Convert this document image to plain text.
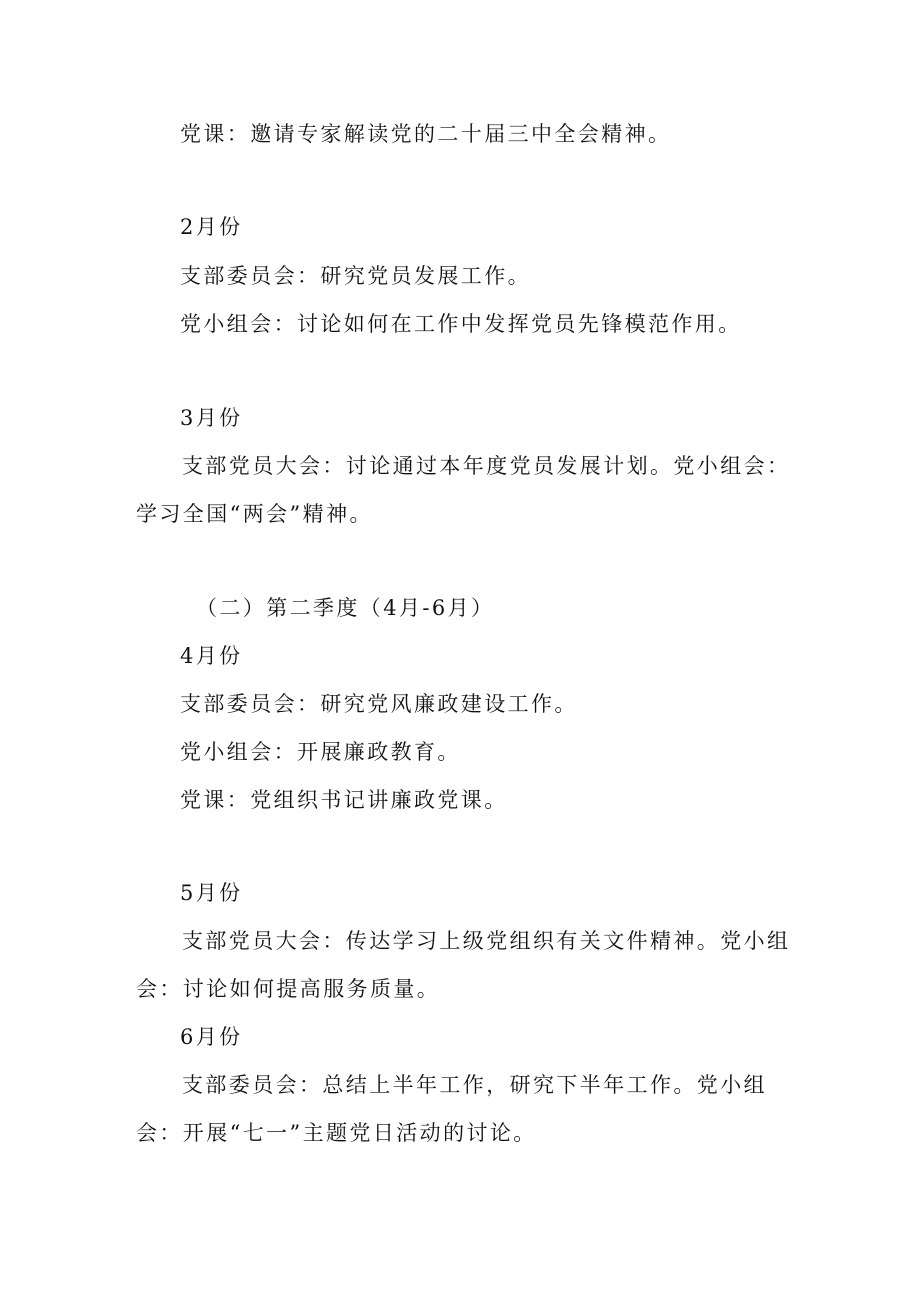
党课：邀请专家解读党的二十届三中全会精神。
2月份
支部委员会：研究党员发展工作。
党小组会：讨论如何在工作中发挥党员先锋模范作用。
3月份
支部党员大会：讨论通过本年度党员发展计划。党小组会：
学习全国“两会”精神。
（二）第二季度（4月-6月）
4月份
支部委员会：研究党风廉政建设工作。
党小组会：开展廉政教育。
党课：党组织书记讲廉政党课。
5月份
支部党员大会：传达学习上级党组织有关文件精神。党小组
会：讨论如何提高服务质量。
6月份
支部委员会：总结上半年工作，研究下半年工作。党小组
会：开展“七一”主题党日活动的讨论。
